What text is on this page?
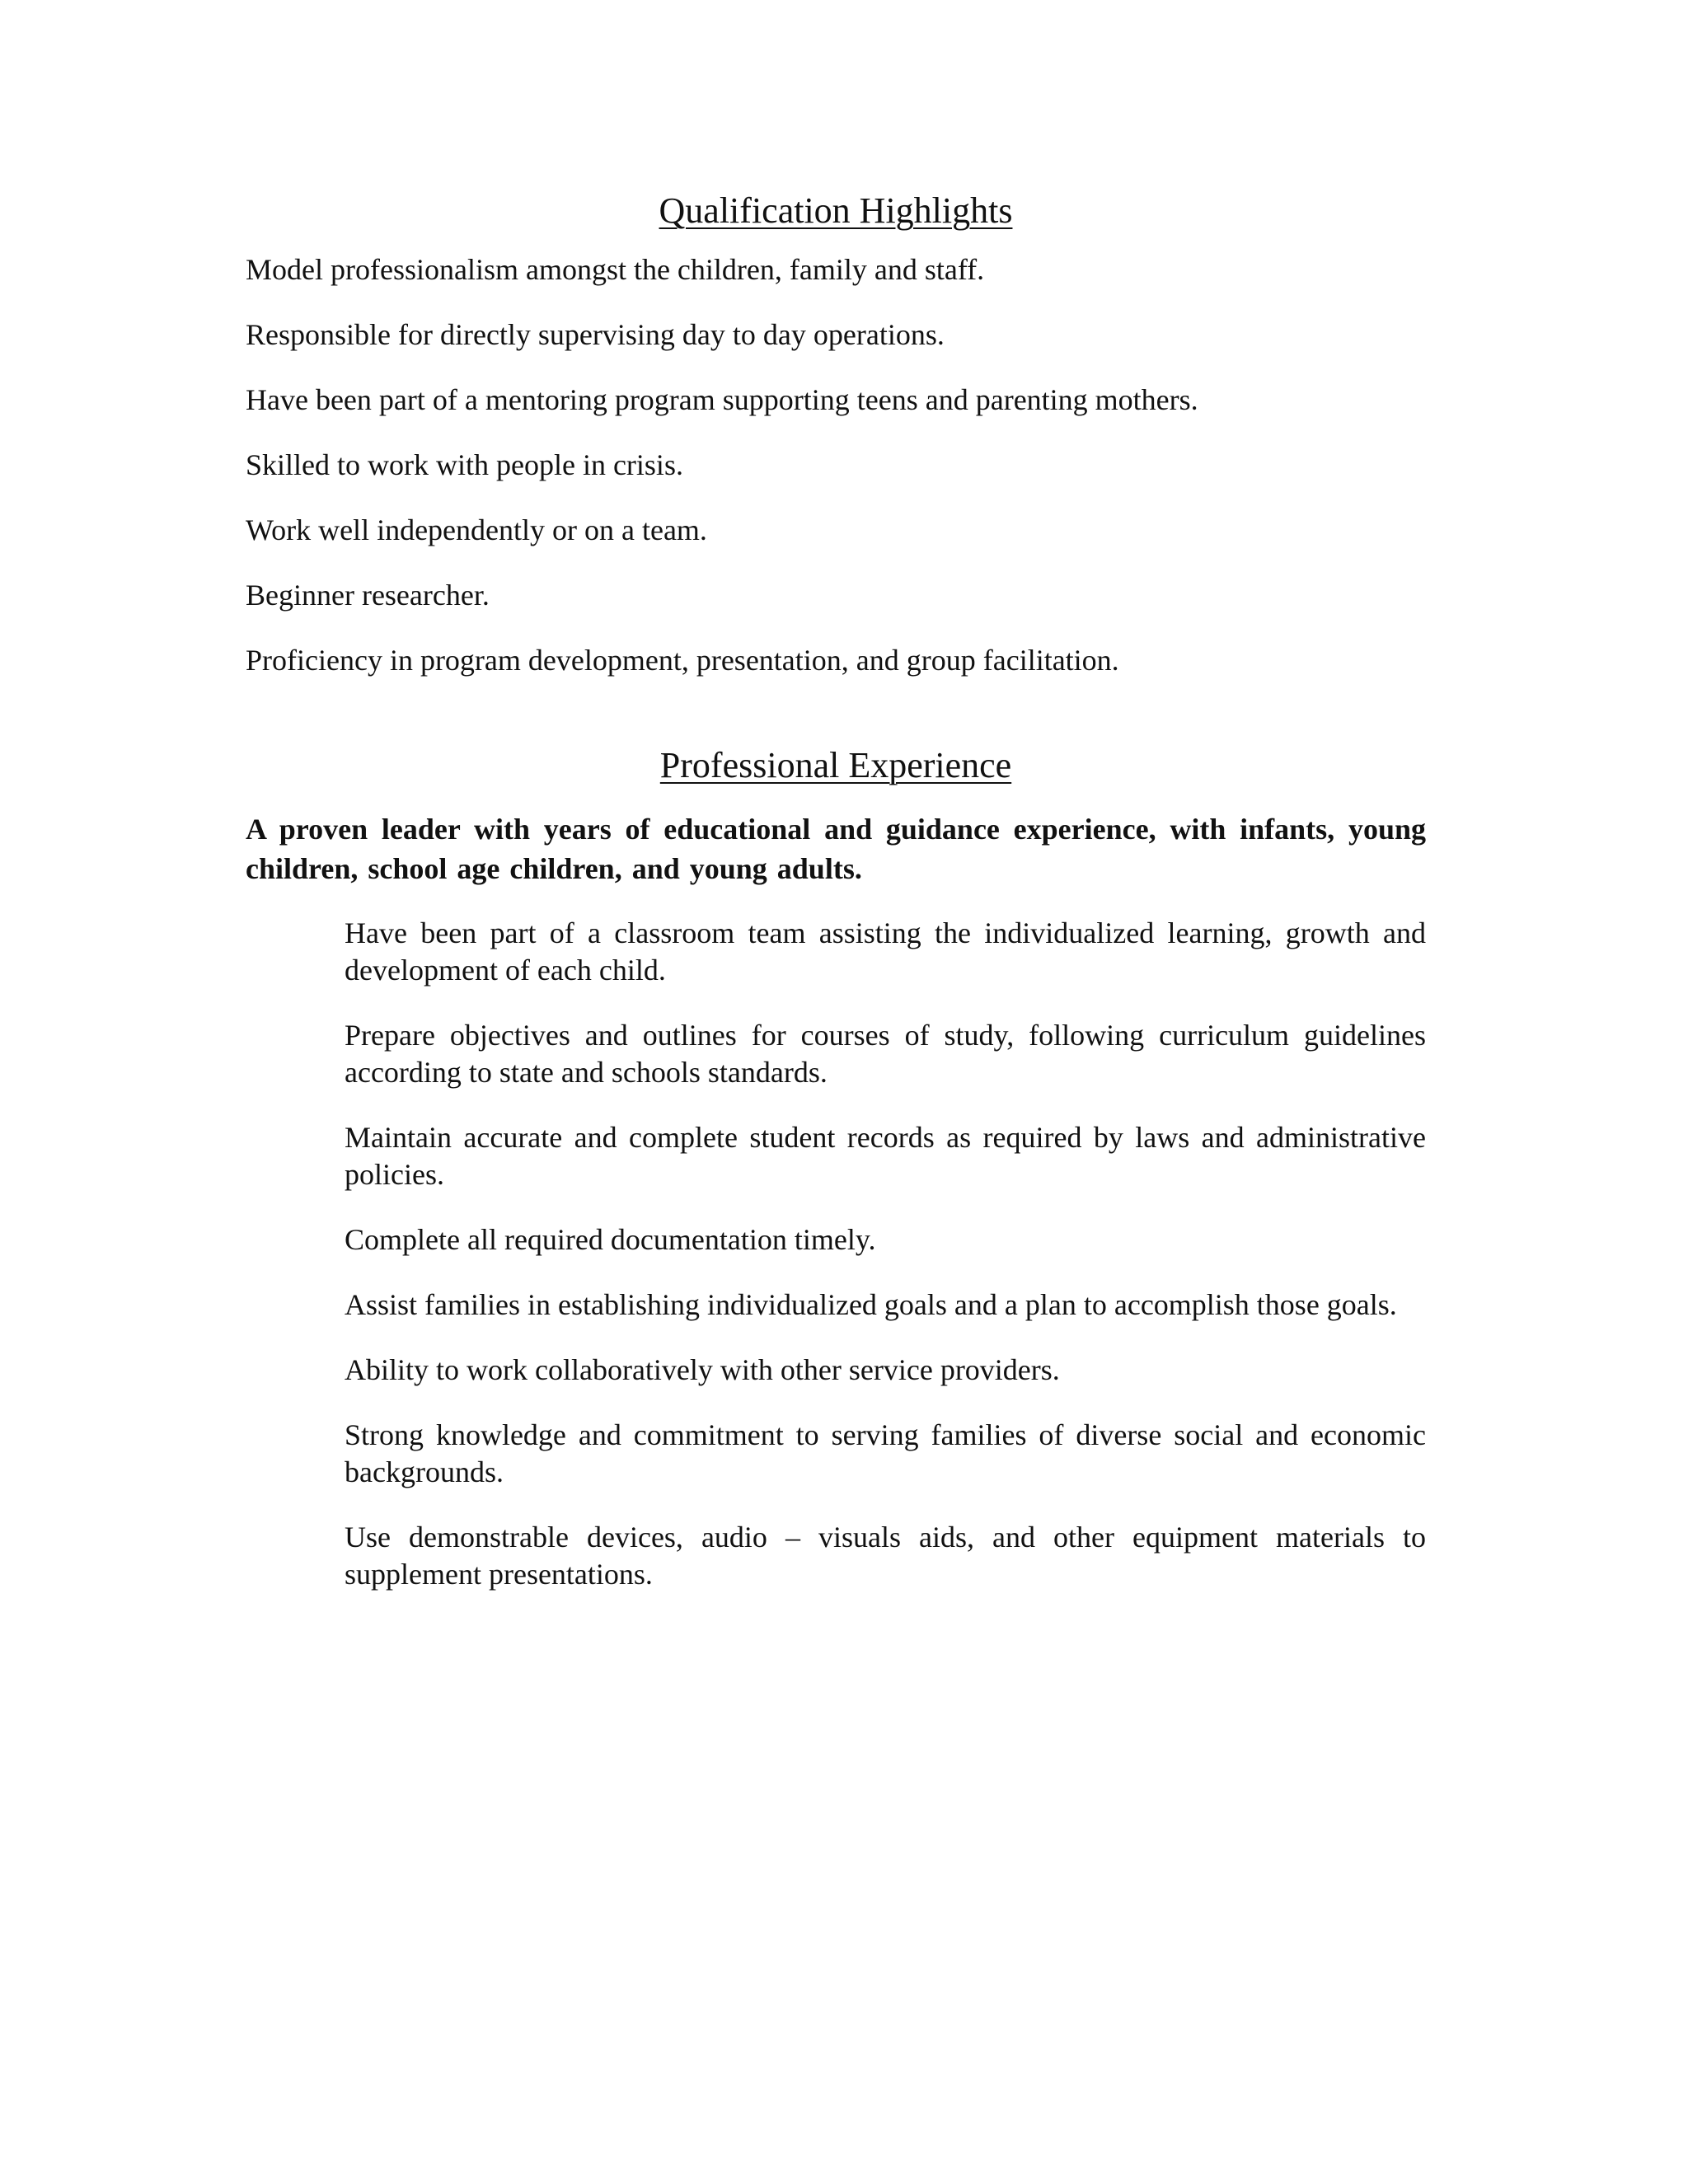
Qualification Highlights
Model professionalism amongst the children, family and staff.
Responsible for directly supervising day to day operations.
Have been part of a mentoring program supporting teens and parenting mothers.
Skilled to work with people in crisis.
Work well independently or on a team.
Beginner researcher.
Proficiency in program development, presentation, and group facilitation.
Professional Experience

A proven leader with years of educational and guidance experience, with infants, young children, school age children, and young adults.

Have been part of a classroom team assisting the individualized learning, growth and development of each child.
Prepare objectives and outlines for courses of study, following curriculum guidelines according to state and schools standards.
Maintain accurate and complete student records as required by laws and administrative policies.
Complete all required documentation timely.
Assist families in establishing individualized goals and a plan to accomplish those goals.
Ability to work collaboratively with other service providers.
Strong knowledge and commitment to serving families of diverse social and economic backgrounds.
Use demonstrable devices, audio – visuals aids, and other equipment materials to supplement presentations.
